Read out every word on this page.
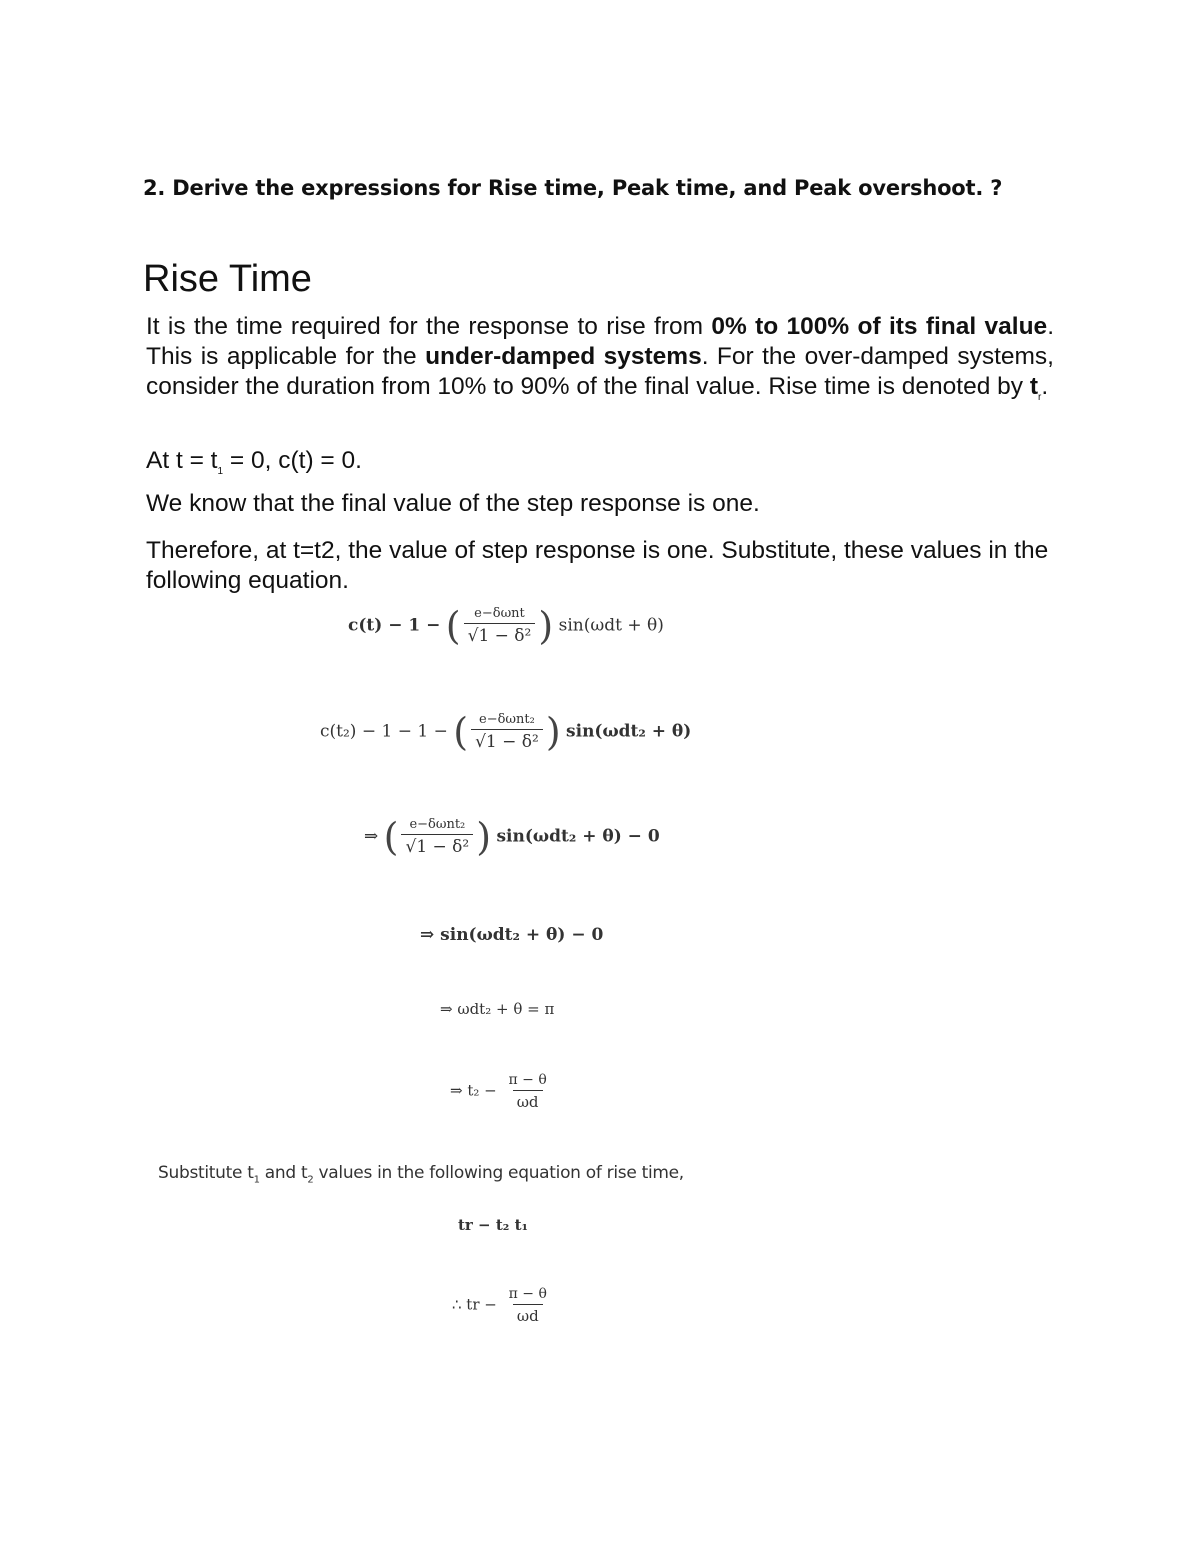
2. Derive the expressions for Rise time, Peak time, and Peak overshoot. ?
Rise Time
It is the time required for the response to rise from 0% to 100% of its final value. This is applicable for the under-damped systems. For the over-damped systems, consider the duration from 10% to 90% of the final value. Rise time is denoted by $t_r$.
At $t = t_1 = 0$, c(t) = 0.
We know that the final value of the step response is one.
Therefore, at t=t2, the value of step response is one. Substitute, these values in the following equation.
c(t) − 1 − ( $\frac{\text{e−δωnt}}{\text{√1 − δ²}}$ ) sin(ωdt + θ)
c(t₂) − 1 − 1 − ( $\frac{\text{e−δωnt₂}}{\text{√1 − δ²}}$ ) sin(ωdt₂ + θ)
⇒ ( $\frac{\text{e−δωnt₂}}{\text{√1 − δ²}}$ ) sin(ωdt₂ + θ) − 0
⇒ sin(ωdt₂ + θ) − 0
⇒ ωdt₂ + θ = π
⇒ $t_2 - \frac{\pi - \theta}{\omega d}$
Substitute $t_1$ and $t_2$ values in the following equation of rise time,
tr − t₂ t₁
∴ tr − $\frac{\pi - \theta}{\omega d}$
